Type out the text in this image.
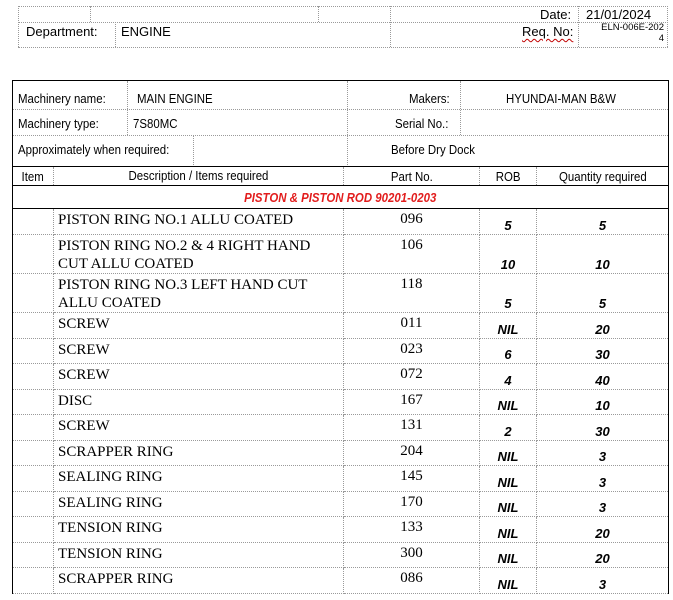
Date: 21/01/2024
Department: ENGINE	Req. No:	ELN-006E-2024
Machinery name:	MAIN ENGINE	Makers:	HYUNDAI-MAN B&W
Machinery type:	7S80MC	Serial No.:
Approximately when required:	Before Dry Dock
Item	Description / Items required	Part No.	ROB	Quantity required
PISTON & PISTON ROD 90201-0203				
	PISTON RING NO.1 ALLU COATED	096	5	5
	PISTON RING NO.2 & 4 RIGHT HAND CUT ALLU COATED	106	10	10
	PISTON RING NO.3 LEFT HAND CUT ALLU COATED	118	5	5
	SCREW	011	NIL	20
	SCREW	023	6	30
	SCREW	072	4	40
	DISC	167	NIL	10
	SCREW	131	2	30
	SCRAPPER RING	204	NIL	3
	SEALING RING	145	NIL	3
	SEALING RING	170	NIL	3
	TENSION RING	133	NIL	20
	TENSION RING	300	NIL	20
	SCRAPPER RING	086	NIL	3
